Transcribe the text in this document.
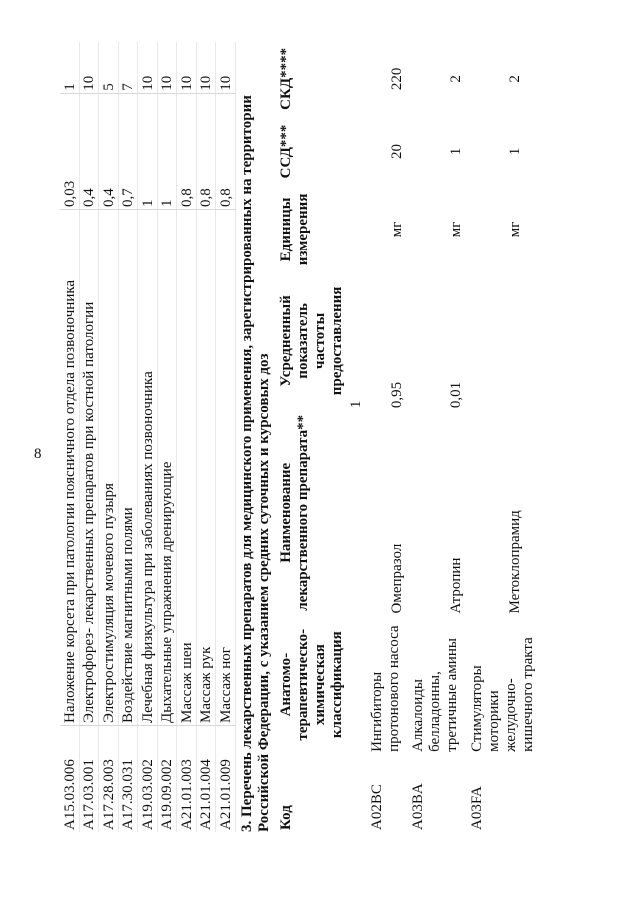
8
A15.03.006	Наложение корсета при патологии поясничного отдела позвоночника	0,03	1
A17.03.001	Электрофорез- лекарственных препаратов при костной патологии	0,4	10
A17.28.003	Электростимуляция мочевого пузыря	0,4	5
A17.30.031	Воздействие магнитными полями	0,7	7
A19.03.002	Лечебная физкультура при заболеваниях позвоночника	1	10
A19.09.002	Дыхательные упражнения дренирующие	1	10
A21.01.003	Массаж шеи	0,8	10
A21.01.004	Массаж рук	0,8	10
A21.01.009	Массаж ног	0,8	10
3. Перечень лекарственных препаратов для медицинского применения, зарегистрированных на территории Российской Федерации, с указанием средних суточных и курсовых доз Код	Анатомо-терапевтическо-химическая классификация	Наименование лекарственного препарата**	Усредненный показатель частоты предоставления	Единицы измерения	ССД***	СКД****
			1			
A02BC	Ингибиторы протонового насоса	Омепразол	0,95	мг	20	220
A03BA	Алкалоиды белладонны, третичные амины	Атропин	0,01	мг	1	2
A03FA	Стимуляторы моторики желудочно-кишечного тракта	Метоклопрамид		мг	1	2
